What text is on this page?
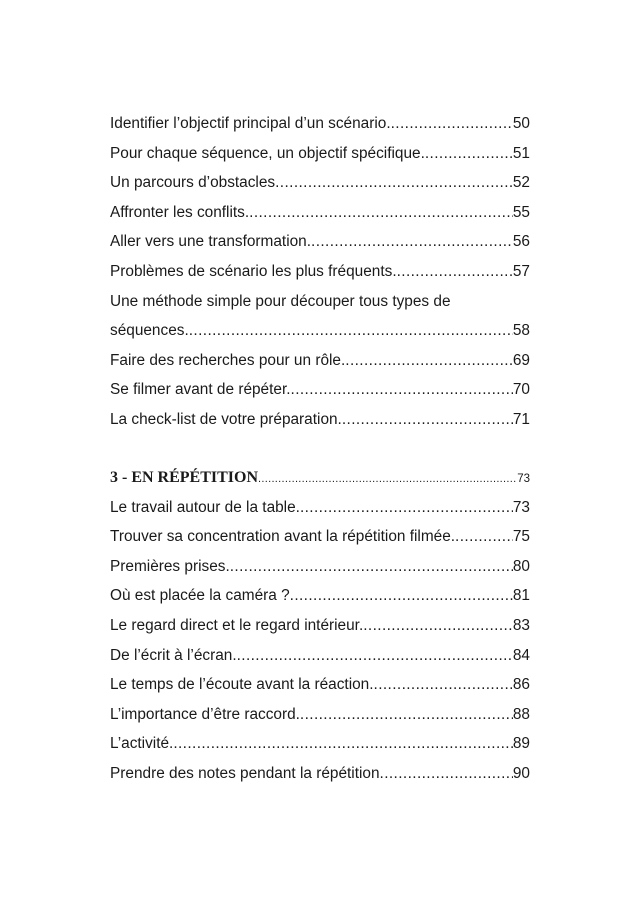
Identifier l’objectif principal d’un scénario. .....	50
Pour chaque séquence, un objectif spécifique. .....	51
Un parcours d’obstacles .....	52
Affronter les conflits. .....	55
Aller vers une transformation. .....	56
Problèmes de scénario les plus fréquents. .....	57
Une méthode simple pour découper tous types de
séquences. .....	58
Faire des recherches pour un rôle. .....	69
Se filmer avant de répéter. .....	70
La check-list de votre préparation. .....	71
3 - EN RÉPÉTITION .....	73
Le travail autour de la table. .....	73
Trouver sa concentration avant la répétition filmée. .....	75
Premières prises. .....	80
Où est placée la caméra ? .....	81
Le regard direct et le regard intérieur. .....	83
De l’écrit à l’écran. .....	84
Le temps de l’écoute avant la réaction. .....	86
L’importance d’être raccord. .....	88
L’activité. .....	89
Prendre des notes pendant la répétition .....	90
